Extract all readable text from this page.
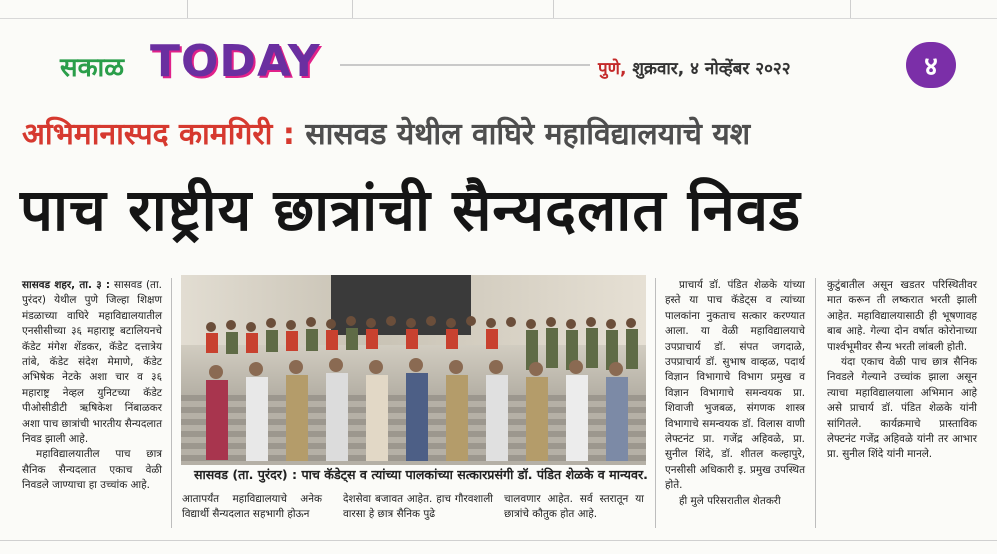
सकाळ TODAY	पुणे, शुक्रवार, ४ नोव्हेंबर २०२२	४
अभिमानास्पद कामगिरी : सासवड येथील वाघिरे महाविद्यालयाचे यश
पाच राष्ट्रीय छात्रांची सैन्यदलात निवड

सासवड शहर, ता. ३ : सासवड (ता. पुरंदर) येथील पुणे जिल्हा शिक्षण मंडळाच्या वाघिरे महाविद्यालयातील एनसीसीच्या ३६ महाराष्ट्र बटालियनचे कॅडेट मंगेश शेंडकर, कॅडेट दत्तात्रेय तांबे, कॅडेट संदेश मेमाणे, कॅडेट अभिषेक नेटके अशा चार व ३६ महाराष्ट्र नेव्हल युनिटच्या कॅडेट पीओसीडीटी ऋषिकेश निंबाळकर अशा पाच छात्रांची भारतीय सैन्यदलात निवड झाली आहे.

महाविद्यालयातील पाच छात्र सैनिक सैन्यदलात एकाच वेळी निवडले जाण्याचा हा उच्चांक आहे.

सासवड (ता. पुरंदर) : पाच कॅडेट्स व त्यांच्या पालकांच्या सत्कारप्रसंगी डॉ. पंडित शेळके व मान्यवर.
आतापर्यंत महाविद्यालयाचे अनेक विद्यार्थी सैन्यदलात सहभागी होऊन
देशसेवा बजावत आहेत. हाच गौरवशाली वारसा हे छात्र सैनिक पुढे
चालवणार आहेत. सर्व स्तरातून या छात्रांचे कौतुक होत आहे.

प्राचार्य डॉ. पंडित शेळके यांच्या हस्ते या पाच कॅडेट्स व त्यांच्या पालकांना नुकताच सत्कार करण्यात आला. या वेळी महाविद्यालयाचे उपप्राचार्य डॉ. संपत जगदाळे, उपप्राचार्य डॉ. सुभाष वाव्हळ, पदार्थ विज्ञान विभागाचे विभाग प्रमुख व विज्ञान विभागाचे समन्वयक प्रा. शिवाजी भुजबळ, संगणक शास्त्र विभागाचे समन्वयक डॉ. विलास वाणी लेफ्टनंट प्रा. गजेंद्र अहिवळे, प्रा. सुनील शिंदे, डॉ. शीतल कल्हापुरे, एनसीसी अधिकारी इ. प्रमुख उपस्थित होते.

ही मुले परिसरातील शेतकरी

कुटुंबातील असून खडतर परिस्थितीवर मात करून ती लष्करात भरती झाली आहेत. महाविद्यालयासाठी ही भूषणावह बाब आहे. गेल्या दोन वर्षात कोरोनाच्या पार्श्वभूमीवर सैन्य भरती लांबली होती.

यंदा एकाच वेळी पाच छात्र सैनिक निवडले गेल्याने उच्चांक झाला असून त्याचा महाविद्यालयाला अभिमान आहे असे प्राचार्य डॉ. पंडित शेळके यांनी सांगितले. कार्यक्रमाचे प्रास्ताविक लेफ्टनंट गजेंद्र अहिवळे यांनी तर आभार प्रा. सुनील शिंदे यांनी मानले.
